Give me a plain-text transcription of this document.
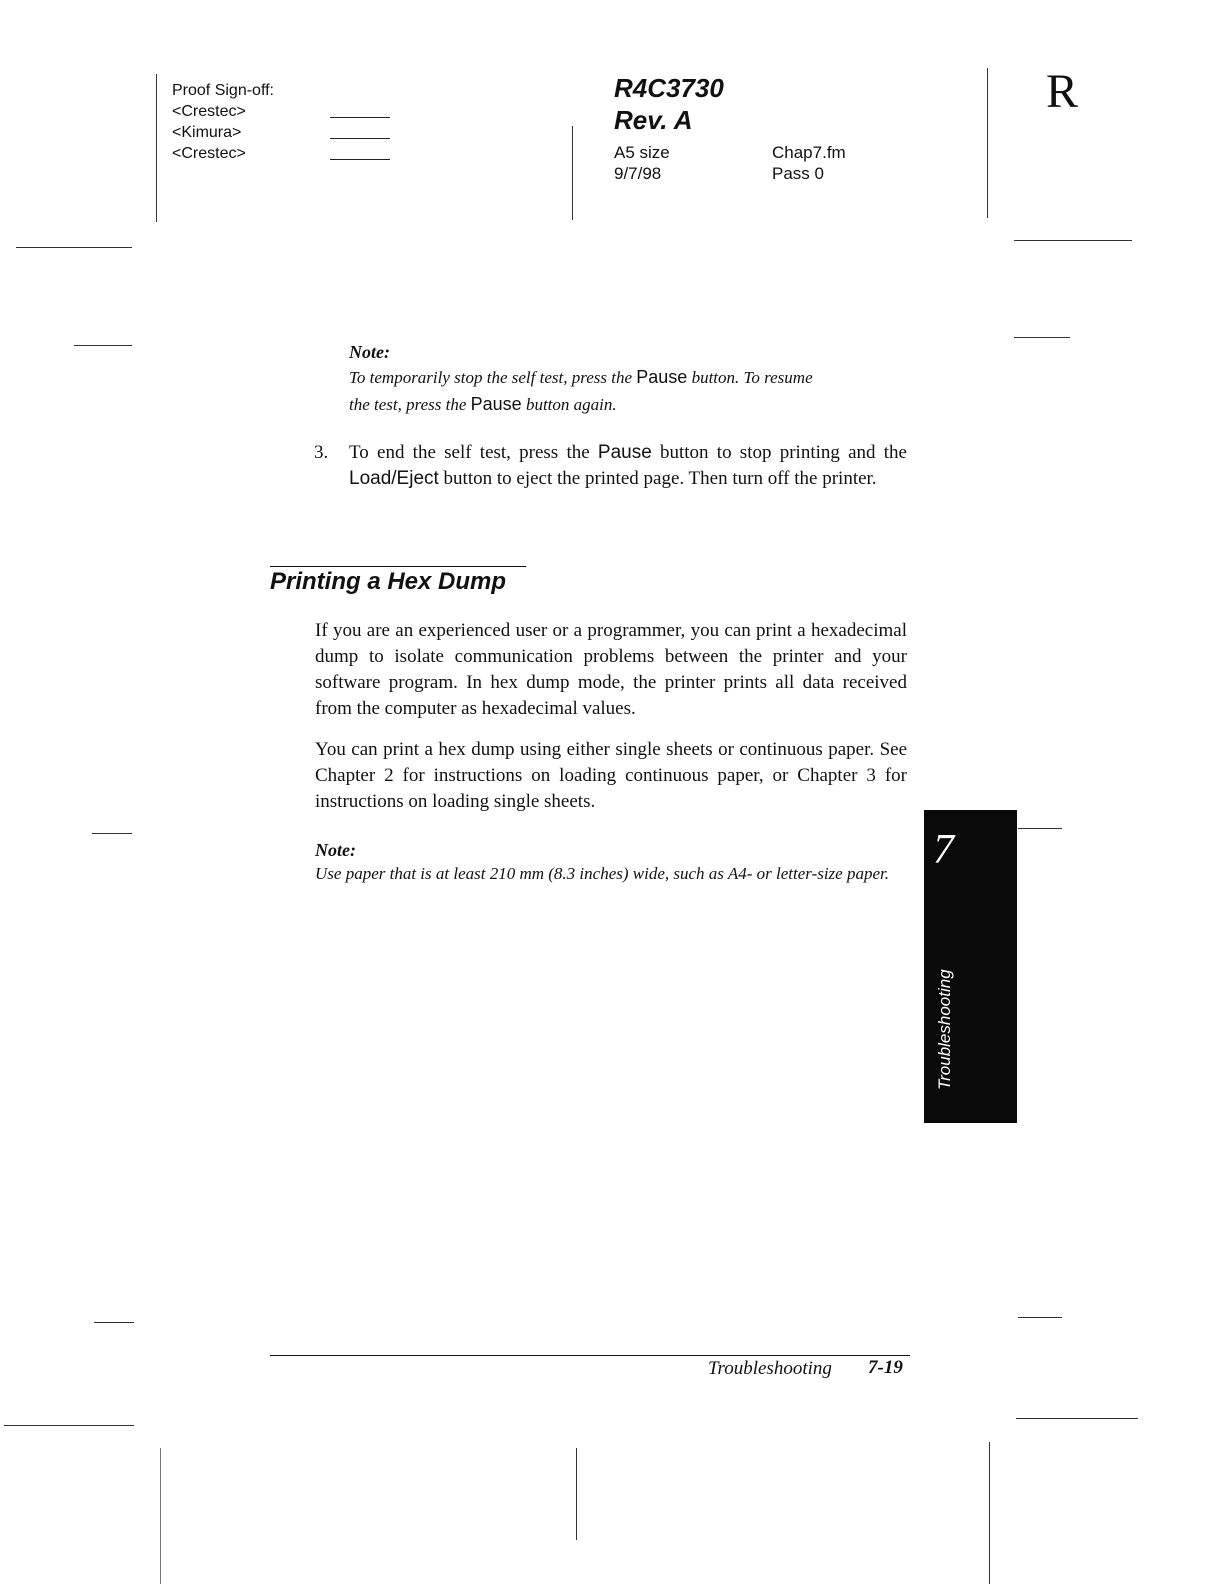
Proof Sign-off:
<Crestec>
<Kimura>
<Crestec>
R4C3730
Rev. A
A5 size
9/7/98
Chap7.fm
Pass 0
R
Note:
To temporarily stop the self test, press the Pause button. To resume
the test, press the Pause button again.
3. To end the self test, press the Pause button to stop printing and the Load/Eject button to eject the printed page. Then turn off the printer.
Printing a Hex Dump
If you are an experienced user or a programmer, you can print a hexadecimal dump to isolate communication problems between the printer and your software program. In hex dump mode, the printer prints all data received from the computer as hexadecimal values.
You can print a hex dump using either single sheets or continuous paper. See Chapter 2 for instructions on loading continuous paper, or Chapter 3 for instructions on loading single sheets.
Note:
Use paper that is at least 210 mm (8.3 inches) wide, such as A4- or letter-size paper.
7
Troubleshooting
Troubleshooting 7-19
